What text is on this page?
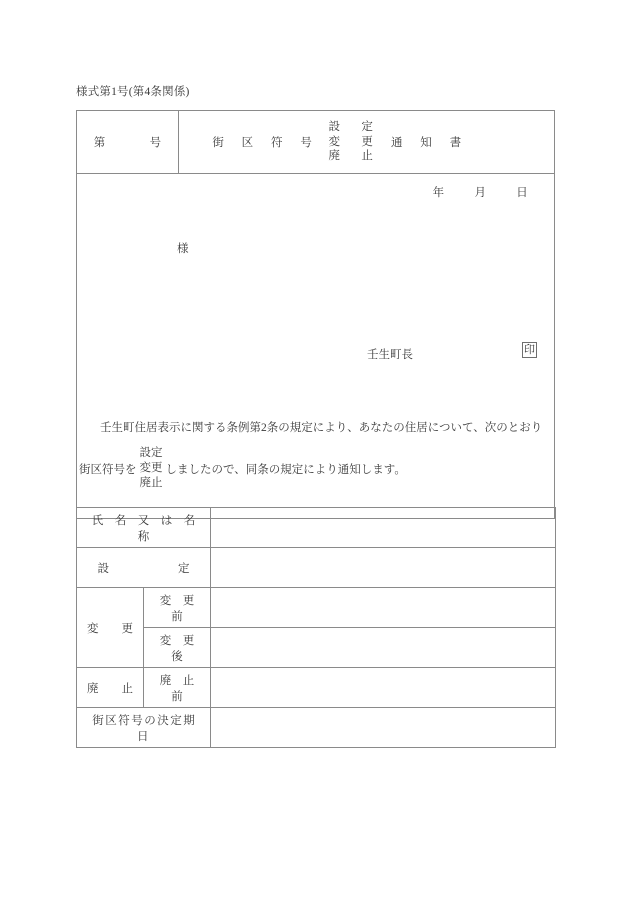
様式第1号(第4条関係)
第	号	街 区 符 号
設　定
変　更
廃　止
通 知 書
年	月	日
様
壬生町長	印
壬生町住居表示に関する条例第2条の規定により、あなたの住居について、次のとおり
街区符号を
設定
変更
廃止
しましたので、同条の規定により通知します。
氏　名　又　は　名　称		
設　　　　　　定		
変　　更	変　更　前	
	変　更　後	
廃　　止	廃　止　前	
街区符号の決定期日		
